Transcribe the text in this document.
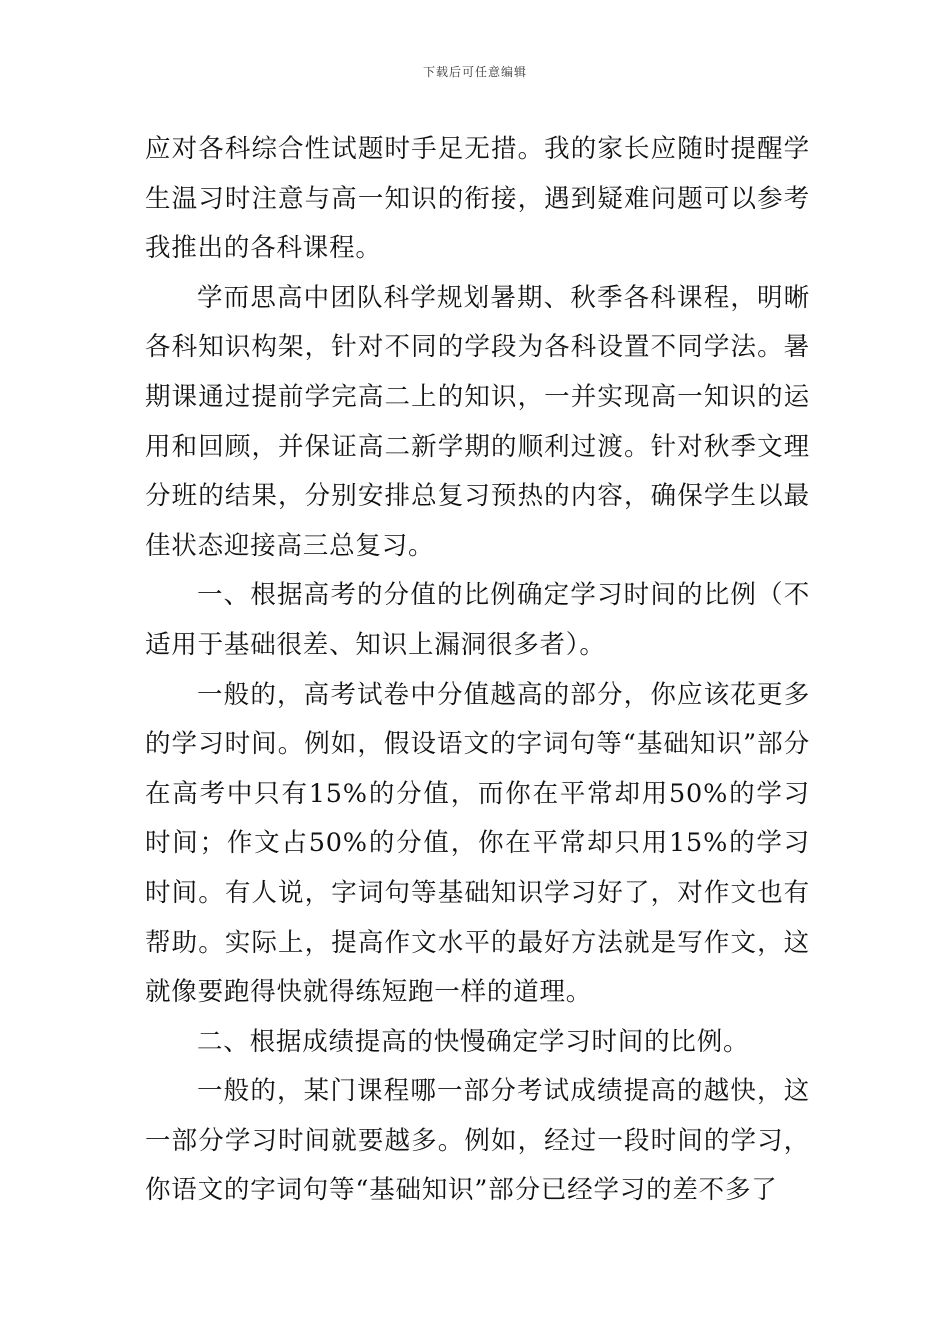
下载后可任意编辑

应对各科综合性试题时手足无措。我的家长应随时提醒学生温习时注意与高一知识的衔接，遇到疑难问题可以参考我推出的各科课程。

学而思高中团队科学规划暑期、秋季各科课程，明晰各科知识构架，针对不同的学段为各科设置不同学法。暑期课通过提前学完高二上的知识，一并实现高一知识的运用和回顾，并保证高二新学期的顺利过渡。针对秋季文理分班的结果，分别安排总复习预热的内容，确保学生以最佳状态迎接高三总复习。

一、根据高考的分值的比例确定学习时间的比例（不适用于基础很差、知识上漏洞很多者）。

一般的，高考试卷中分值越高的部分，你应该花更多的学习时间。例如，假设语文的字词句等“基础知识”部分在高考中只有15%的分值，而你在平常却用50%的学习时间；作文占50%的分值，你在平常却只用15%的学习时间。有人说，字词句等基础知识学习好了，对作文也有帮助。实际上，提高作文水平的最好方法就是写作文，这就像要跑得快就得练短跑一样的道理。

二、根据成绩提高的快慢确定学习时间的比例。

一般的，某门课程哪一部分考试成绩提高的越快，这一部分学习时间就要越多。例如，经过一段时间的学习，你语文的字词句等“基础知识”部分已经学习的差不多了
